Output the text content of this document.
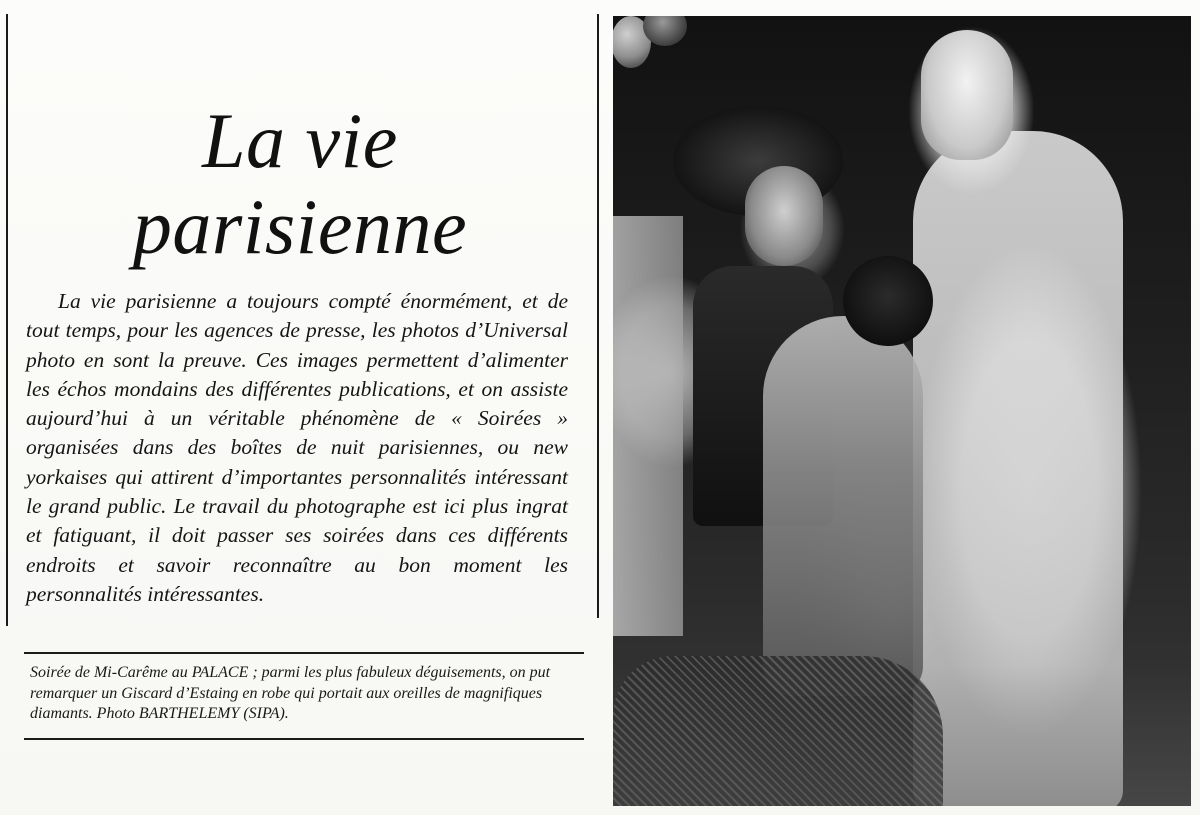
La vie
parisienne

La vie parisienne a toujours compté énormément, et de tout temps, pour les agences de presse, les photos d’Universal photo en sont la preuve. Ces images permettent d’alimenter les échos mondains des différentes publications, et on assiste aujourd’hui à un véritable phénomène de « Soirées » organisées dans des boîtes de nuit parisiennes, ou new yorkaises qui attirent d’importantes personnalités intéressant le grand public. Le travail du photographe est ici plus ingrat et fatiguant, il doit passer ses soirées dans ces différents endroits et savoir reconnaître au bon moment les personnalités intéressantes.

Soirée de Mi-Carême au PALACE ; parmi les plus fabuleux déguisements, on put remarquer un Giscard d’Estaing en robe qui portait aux oreilles de magnifiques diamants. Photo BARTHELEMY (SIPA).
